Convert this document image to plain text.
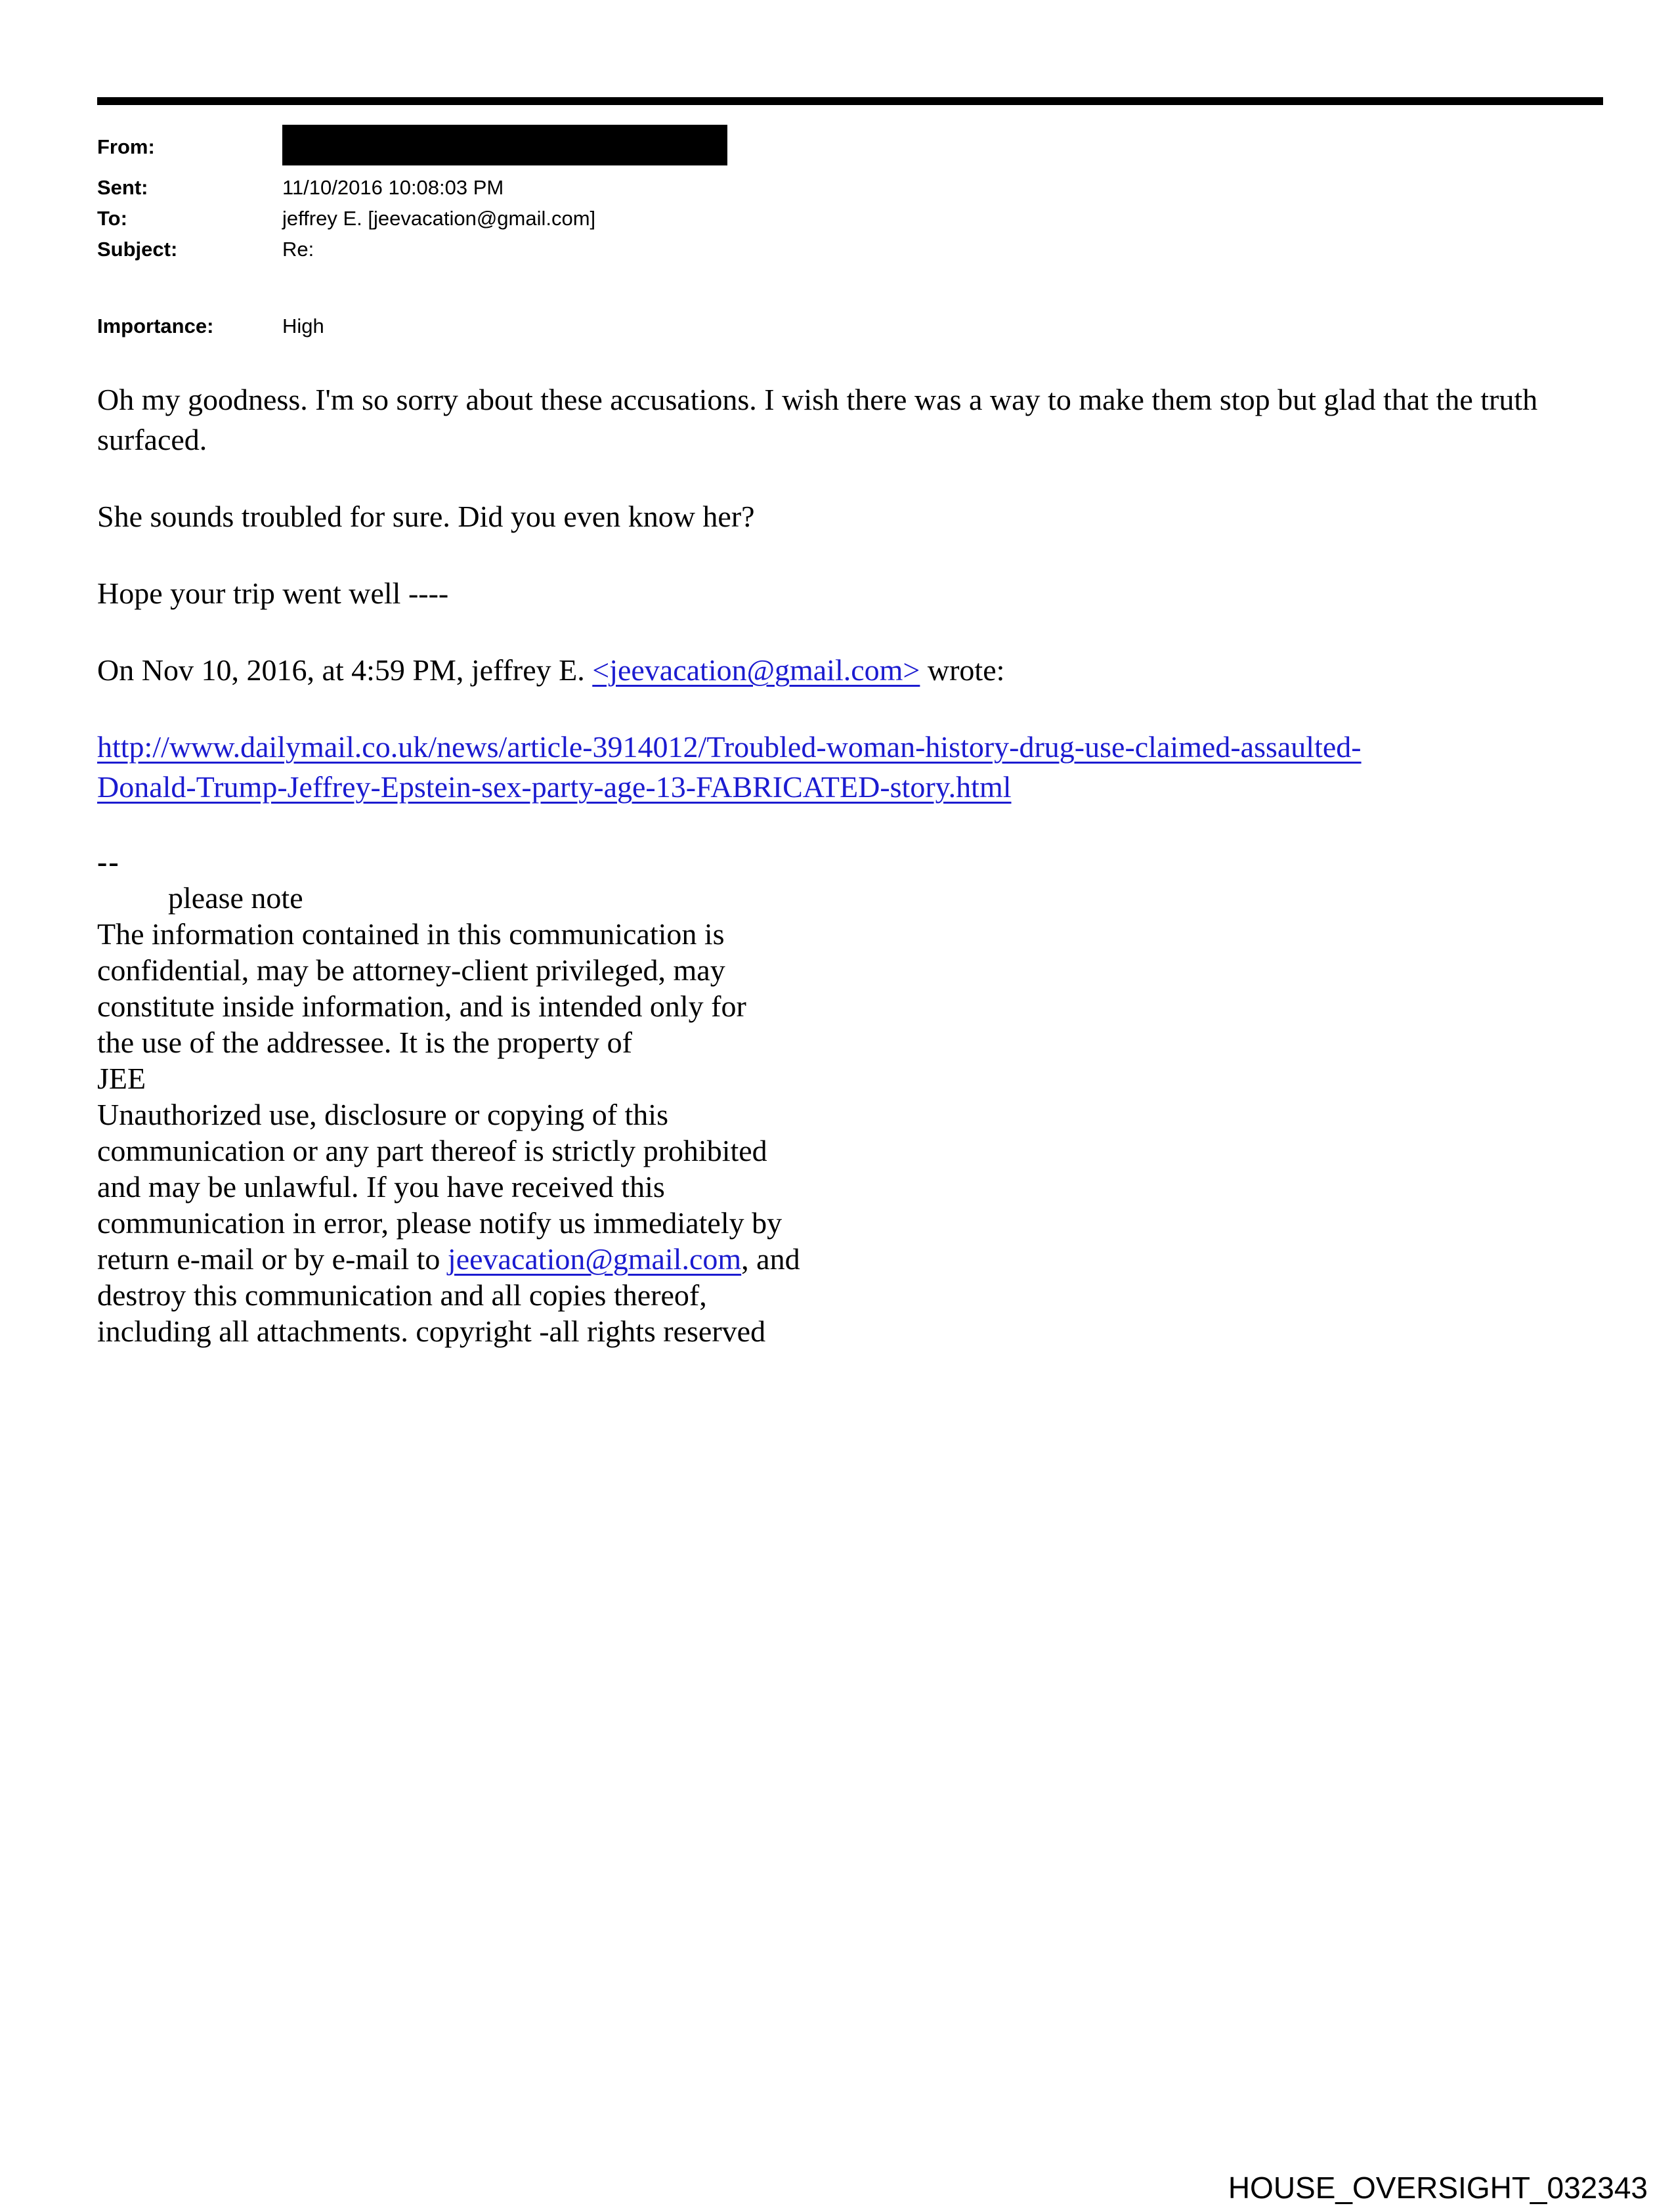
From:
Sent:	11/10/2016 10:08:03 PM
To:	jeffrey E. [jeevacation@gmail.com]
Subject:	Re:
Importance:	High

Oh my goodness. I'm so sorry about these accusations. I wish there was a way to make them stop but glad that the truth surfaced.

She sounds troubled for sure. Did you even know her?

Hope your trip went well ----

On Nov 10, 2016, at 4:59 PM, jeffrey E. <jeevacation@gmail.com> wrote:

http://www.dailymail.co.uk/news/article-3914012/Troubled-woman-history-drug-use-claimed-assaulted-
Donald-Trump-Jeffrey-Epstein-sex-party-age-13-FABRICATED-story.html
--
please note
The information contained in this communication is
confidential, may be attorney-client privileged, may
constitute inside information, and is intended only for
the use of the addressee. It is the property of
JEE
Unauthorized use, disclosure or copying of this
communication or any part thereof is strictly prohibited
and may be unlawful. If you have received this
communication in error, please notify us immediately by
return e-mail or by e-mail to jeevacation@gmail.com, and
destroy this communication and all copies thereof,
including all attachments. copyright -all rights reserved
HOUSE_OVERSIGHT_032343
